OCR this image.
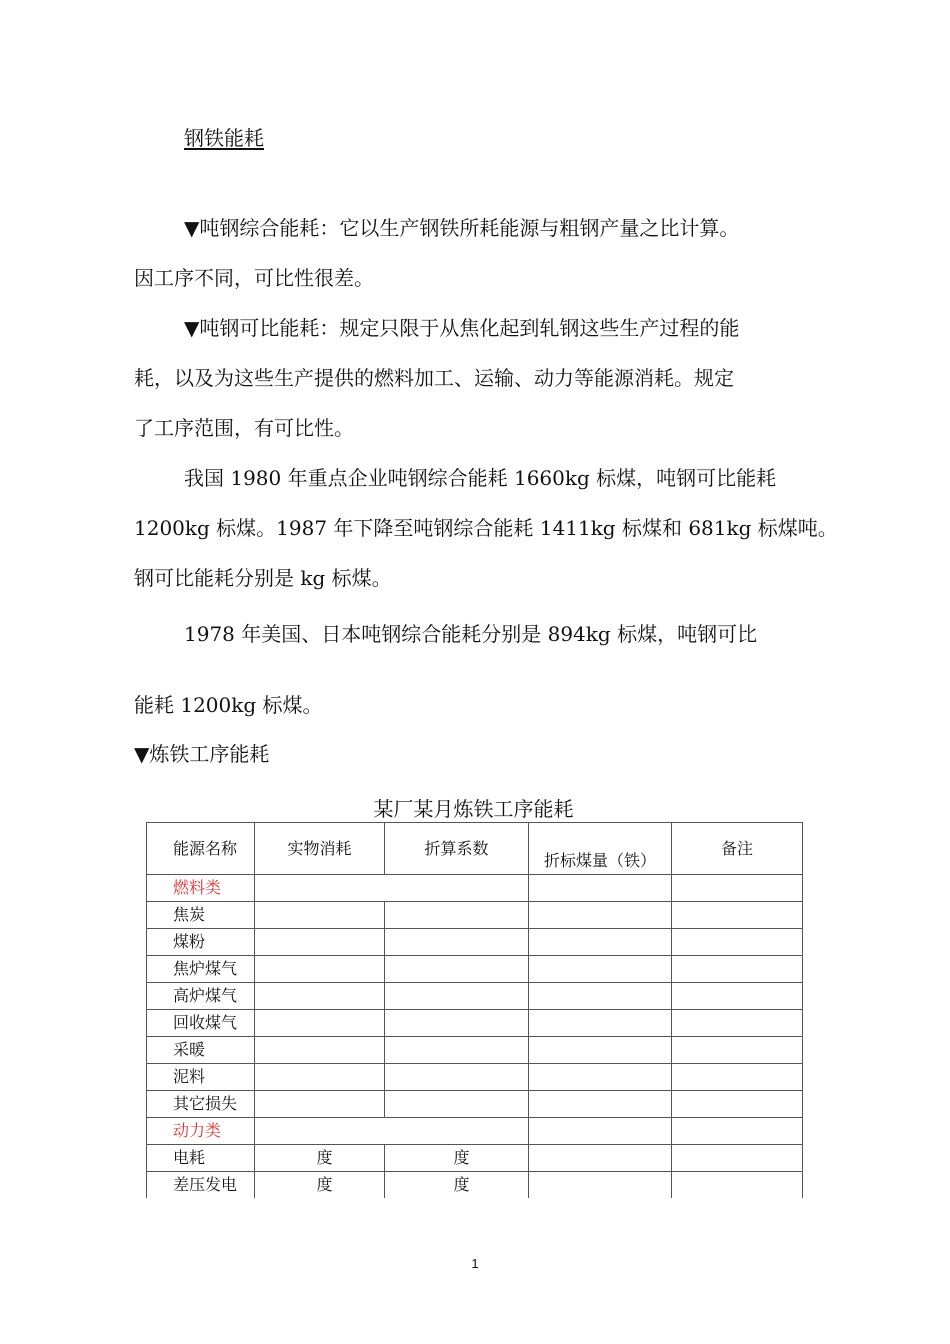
钢铁能耗

▼吨钢综合能耗：它以生产钢铁所耗能源与粗钢产量之比计算。

因工序不同，可比性很差。

▼吨钢可比能耗：规定只限于从焦化起到轧钢这些生产过程的能

耗，以及为这些生产提供的燃料加工、运输、动力等能源消耗。规定

了工序范围，有可比性。

我国 1980 年重点企业吨钢综合能耗 1660kg 标煤，吨钢可比能耗

1200kg 标煤。1987 年下降至吨钢综合能耗 1411kg 标煤和 681kg 标煤吨。

钢可比能耗分别是 kg 标煤。

1978 年美国、日本吨钢综合能耗分别是 894kg 标煤，吨钢可比

能耗 1200kg 标煤。

▼炼铁工序能耗

某厂某月炼铁工序能耗
能源名称	实物消耗	折算系数	折标煤量（铁）	备注
燃料类				
焦炭				
煤粉				
焦炉煤气				
高炉煤气				
回收煤气				
采暖				
泥料				
其它损失				
动力类				
电耗	度	度		
差压发电	度	度		
1
